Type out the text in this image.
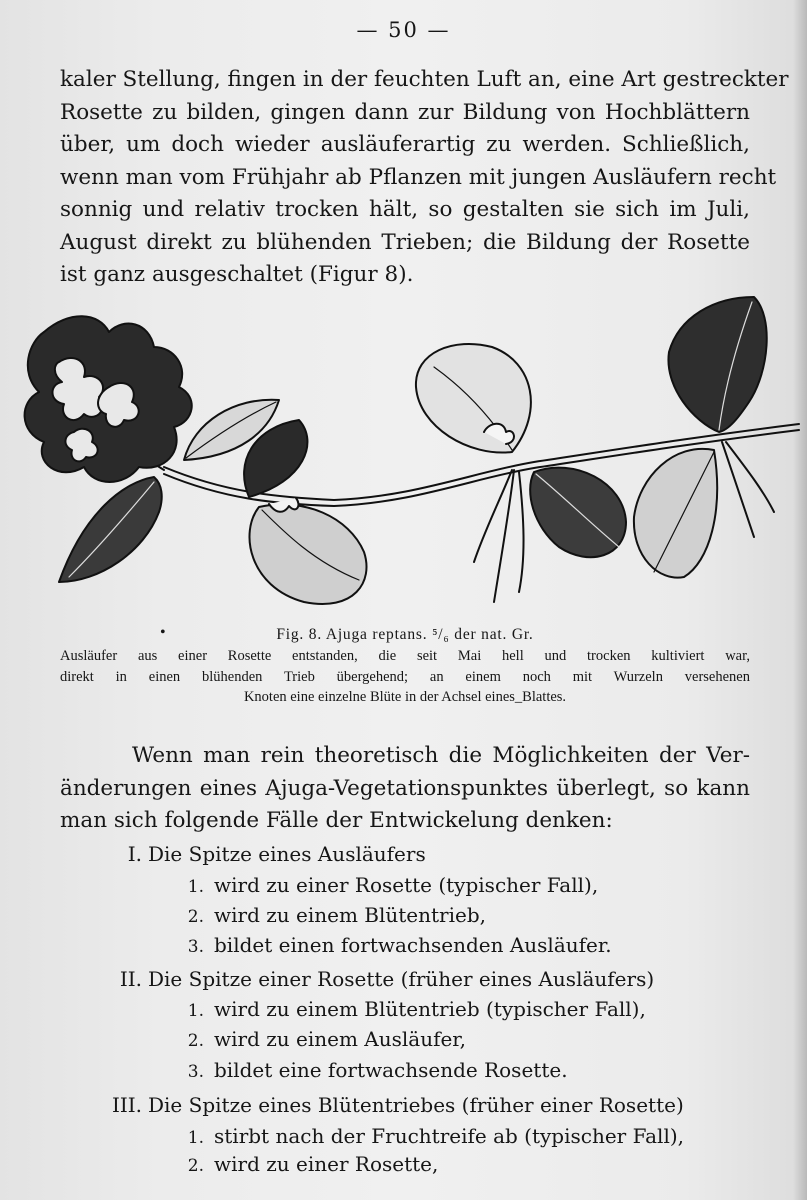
— 50 —
kaler Stellung, fingen in der feuchten Luft an, eine Art gestreckter
Rosette zu bilden, gingen dann zur Bildung von Hochblättern
über, um doch wieder ausläuferartig zu werden. Schließlich,
wenn man vom Frühjahr ab Pflanzen mit jungen Ausläufern recht
sonnig und relativ trocken hält, so gestalten sie sich im Juli,
August direkt zu blühenden Trieben; die Bildung der Rosette
ist ganz ausgeschaltet (Figur 8).
•	Fig. 8. Ajuga reptans. ⁵/₆ der nat. Gr.
Ausläufer aus einer Rosette entstanden, die seit Mai hell und trocken kultiviert war,
direkt in einen blühenden Trieb übergehend; an einem noch mit Wurzeln versehenen
Knoten eine einzelne Blüte in der Achsel eines_Blattes.
Wenn man rein theoretisch die Möglichkeiten der Ver-
änderungen eines Ajuga-Vegetationspunktes überlegt, so kann
man sich folgende Fälle der Entwickelung denken:
I. Die Spitze eines Ausläufers
1. wird zu einer Rosette (typischer Fall),
2. wird zu einem Blütentrieb,
3. bildet einen fortwachsenden Ausläufer.
II. Die Spitze einer Rosette (früher eines Ausläufers)
1. wird zu einem Blütentrieb (typischer Fall),
2. wird zu einem Ausläufer,
3. bildet eine fortwachsende Rosette.
III. Die Spitze eines Blütentriebes (früher einer Rosette)
1. stirbt nach der Fruchtreife ab (typischer Fall),
2. wird zu einer Rosette,
